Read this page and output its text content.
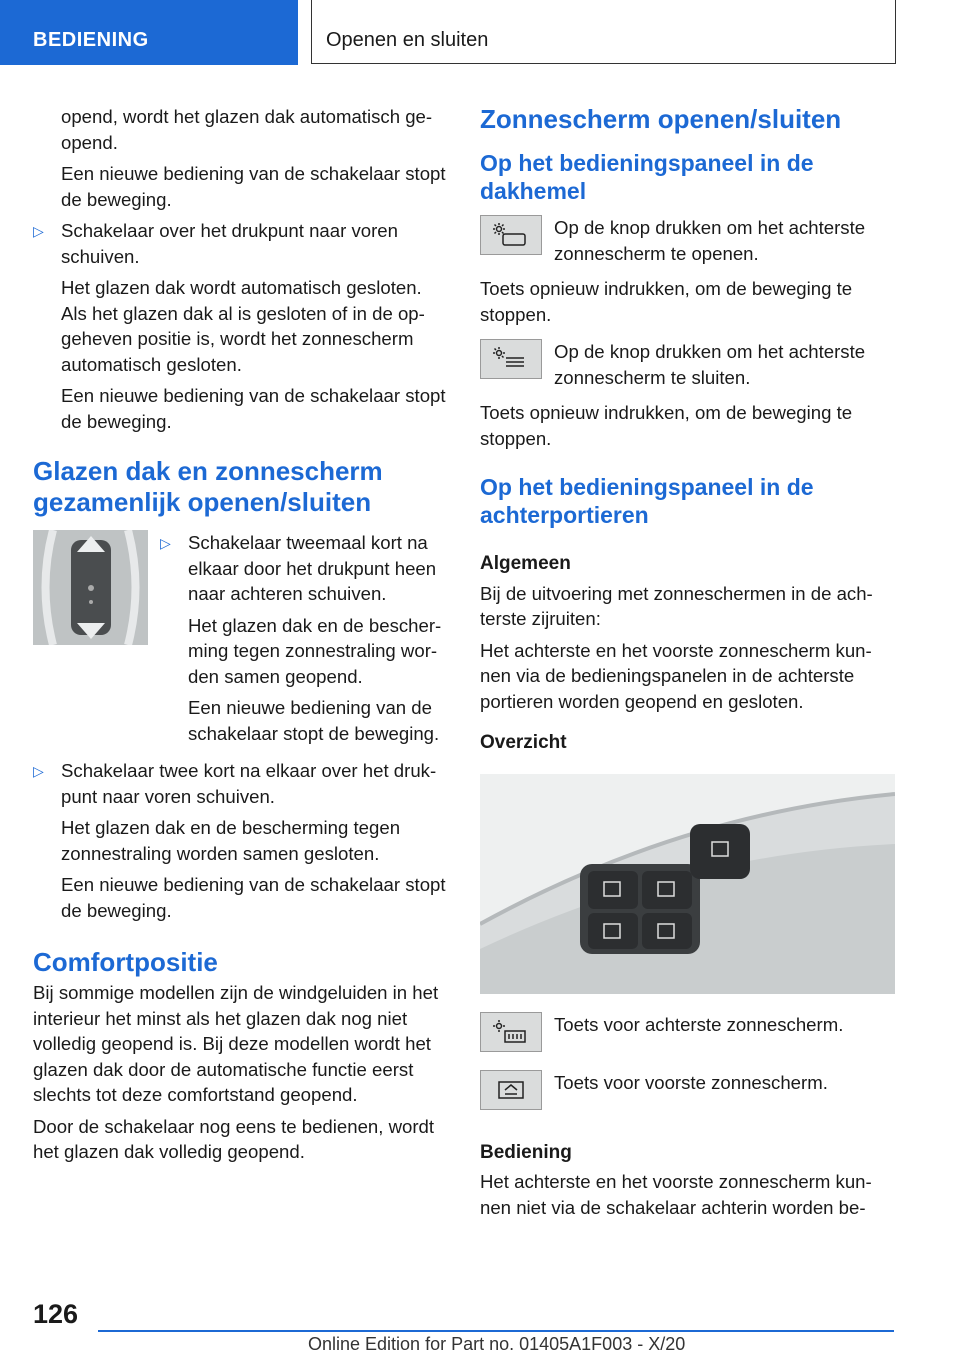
BEDIENING	Openen en sluiten

opend, wordt het glazen dak automatisch ge-opend.

Een nieuwe bediening van de schakelaar stopt de beweging.

▷ Schakelaar over het drukpunt naar voren schuiven.

Het glazen dak wordt automatisch gesloten. Als het glazen dak al is gesloten of in de op-geheven positie is, wordt het zonnescherm automatisch gesloten.

Een nieuwe bediening van de schakelaar stopt de beweging.

Glazen dak en zonnescherm gezamenlijk openen/sluiten
▷ Schakelaar tweemaal kort na elkaar door het drukpunt heen naar achteren schuiven.

Het glazen dak en de bescher-ming tegen zonnestraling wor-den samen geopend.

Een nieuwe bediening van de schakelaar stopt de beweging.

▷ Schakelaar twee kort na elkaar over het druk-punt naar voren schuiven.

Het glazen dak en de bescherming tegen zonnestraling worden samen gesloten.

Een nieuwe bediening van de schakelaar stopt de beweging.

Comfortpositie

Bij sommige modellen zijn de windgeluiden in het interieur het minst als het glazen dak nog niet volledig geopend is. Bij deze modellen wordt het glazen dak door de automatische functie eerst slechts tot deze comfortstand geopend.

Door de schakelaar nog eens te bedienen, wordt het glazen dak volledig geopend.

Zonnescherm openen/sluiten
Op het bedieningspaneel in de dakhemel

Op de knop drukken om het achterste zonnescherm te openen.

Toets opnieuw indrukken, om de beweging te stoppen.

Op de knop drukken om het achterste zonnescherm te sluiten.

Toets opnieuw indrukken, om de beweging te stoppen.

Op het bedieningspaneel in de achterportieren
Algemeen

Bij de uitvoering met zonneschermen in de ach-terste zijruiten:

Het achterste en het voorste zonnescherm kun-nen via de bedieningspanelen in de achterste portieren worden geopend en gesloten.

Overzicht

Toets voor achterste zonnescherm.

Toets voor voorste zonnescherm.

Bediening

Het achterste en het voorste zonnescherm kun-nen niet via de schakelaar achterin worden be-

126
Online Edition for Part no. 01405A1F003 - X/20
